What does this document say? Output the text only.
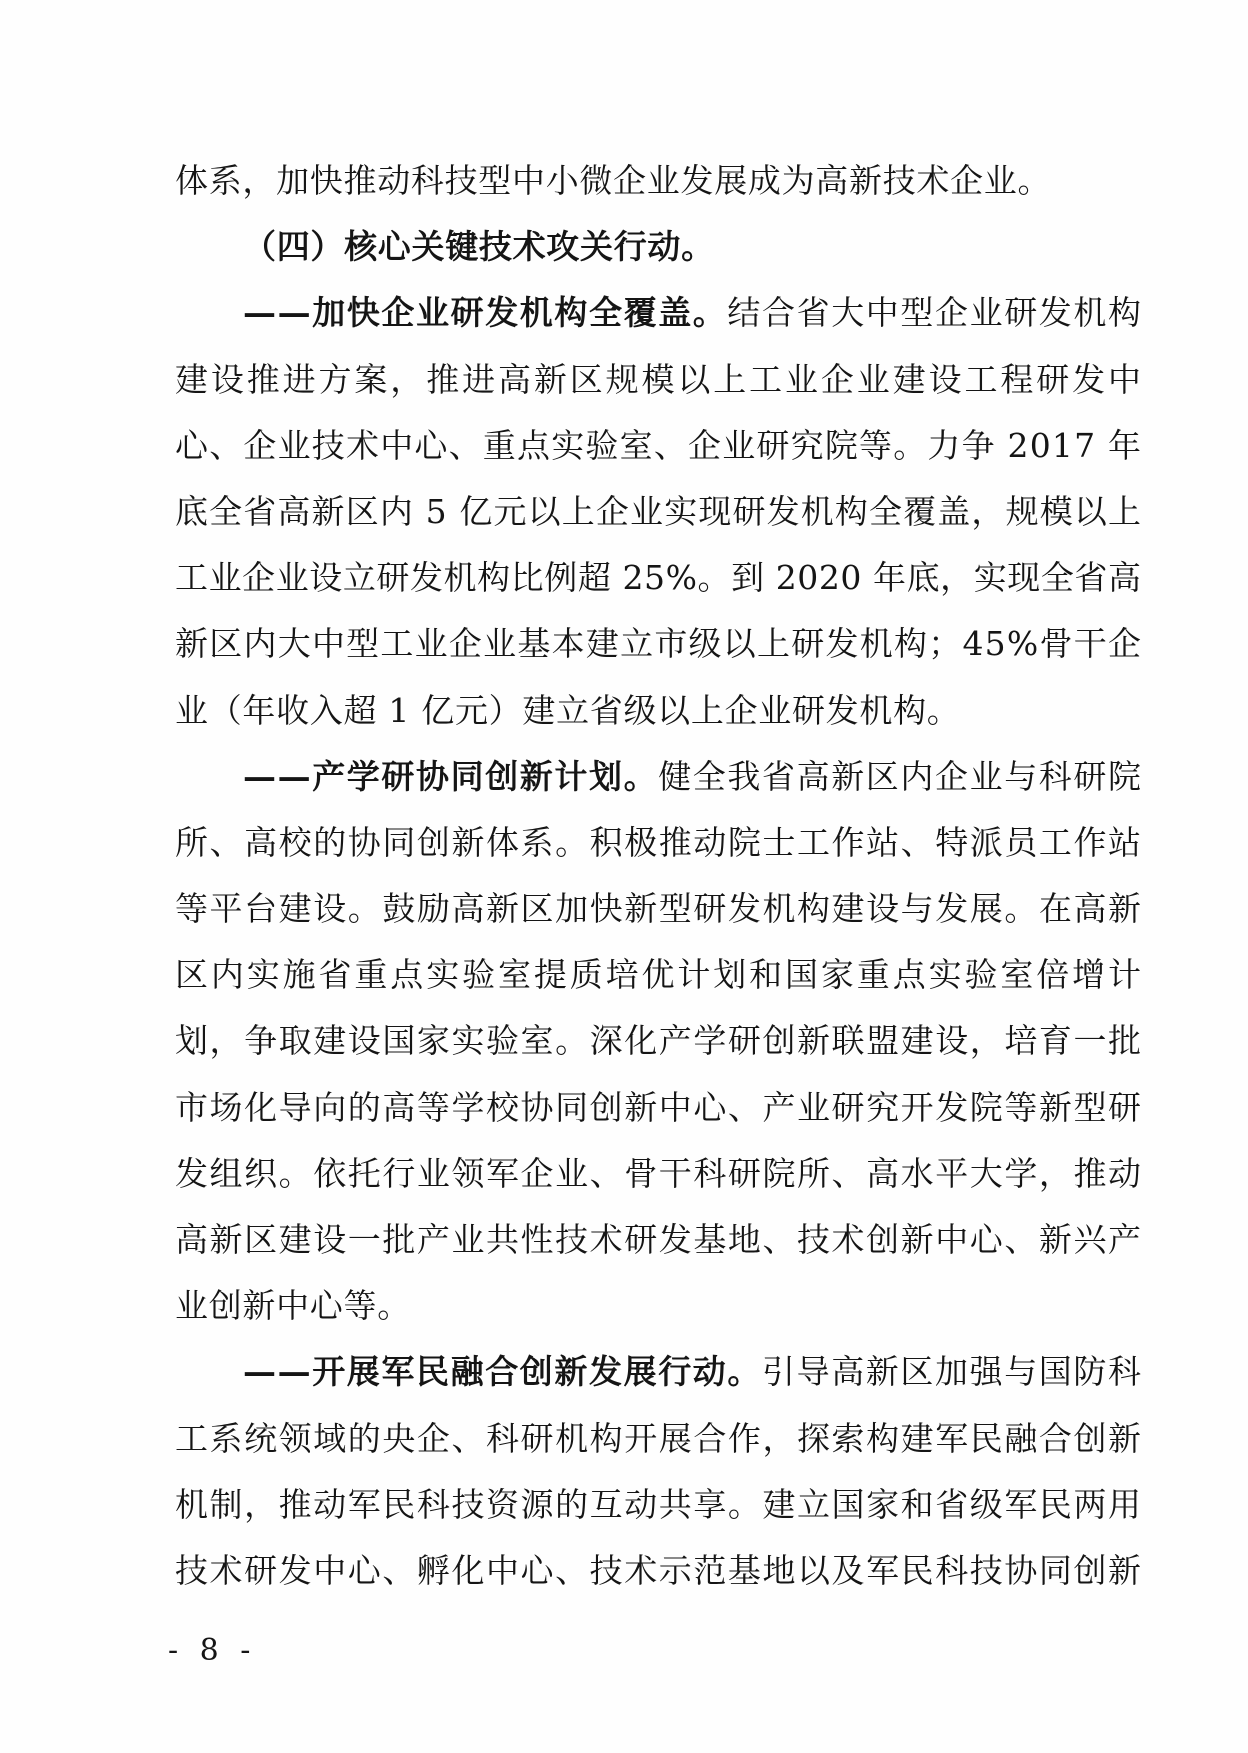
体系，加快推动科技型中小微企业发展成为高新技术企业。
（四）核心关键技术攻关行动。
——加快企业研发机构全覆盖。结合省大中型企业研发机构
建设推进方案，推进高新区规模以上工业企业建设工程研发中
心、企业技术中心、重点实验室、企业研究院等。力争 2017 年
底全省高新区内 5 亿元以上企业实现研发机构全覆盖，规模以上
工业企业设立研发机构比例超 25%。到 2020 年底，实现全省高
新区内大中型工业企业基本建立市级以上研发机构；45%骨干企
业（年收入超 1 亿元）建立省级以上企业研发机构。
——产学研协同创新计划。健全我省高新区内企业与科研院
所、高校的协同创新体系。积极推动院士工作站、特派员工作站
等平台建设。鼓励高新区加快新型研发机构建设与发展。在高新
区内实施省重点实验室提质培优计划和国家重点实验室倍增计
划，争取建设国家实验室。深化产学研创新联盟建设，培育一批
市场化导向的高等学校协同创新中心、产业研究开发院等新型研
发组织。依托行业领军企业、骨干科研院所、高水平大学，推动
高新区建设一批产业共性技术研发基地、技术创新中心、新兴产
业创新中心等。
——开展军民融合创新发展行动。引导高新区加强与国防科
工系统领域的央企、科研机构开展合作，探索构建军民融合创新
机制，推动军民科技资源的互动共享。建立国家和省级军民两用
技术研发中心、孵化中心、技术示范基地以及军民科技协同创新
- 8 -
